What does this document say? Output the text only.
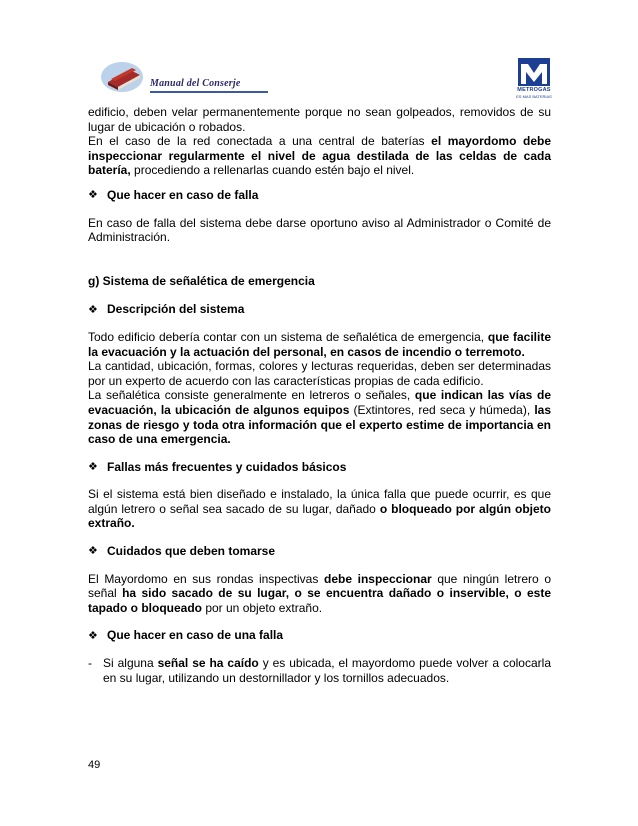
Manual del Conserje
METROGAS
ES MAS BATERIAS

edificio, deben velar permanentemente porque no sean golpeados, removidos de su lugar de ubicación o robados.

En el caso de la red conectada a una central de baterías el mayordomo debe inspeccionar regularmente el nivel de agua destilada de las celdas de cada batería, procediendo a rellenarlas cuando estén bajo el nivel.

❖ Que hacer en caso de falla

En caso de falla del sistema debe darse oportuno aviso al Administrador o Comité de Administración.

g) Sistema de señalética de emergencia

❖ Descripción del sistema

Todo edificio debería contar con un sistema de señalética de emergencia, que facilite la evacuación y la actuación del personal, en casos de incendio o terremoto.

La cantidad, ubicación, formas, colores y lecturas requeridas, deben ser determinadas por un experto de acuerdo con las características propias de cada edificio.

La señalética consiste generalmente en letreros o señales, que indican las vías de evacuación, la ubicación de algunos equipos (Extintores, red seca y húmeda), las zonas de riesgo y toda otra información que el experto estime de importancia en caso de una emergencia.

❖ Fallas más frecuentes y cuidados básicos

Si el sistema está bien diseñado e instalado, la única falla que puede ocurrir, es que algún letrero o señal sea sacado de su lugar, dañado o bloqueado por algún objeto extraño.

❖ Cuidados que deben tomarse

El Mayordomo en sus rondas inspectivas debe inspeccionar que ningún letrero o señal ha sido sacado de su lugar, o se encuentra dañado o inservible, o este tapado o bloqueado por un objeto extraño.

❖ Que hacer en caso de una falla
- Si alguna señal se ha caído y es ubicada, el mayordomo puede volver a colocarla en su lugar, utilizando un destornillador y los tornillos adecuados.
49
